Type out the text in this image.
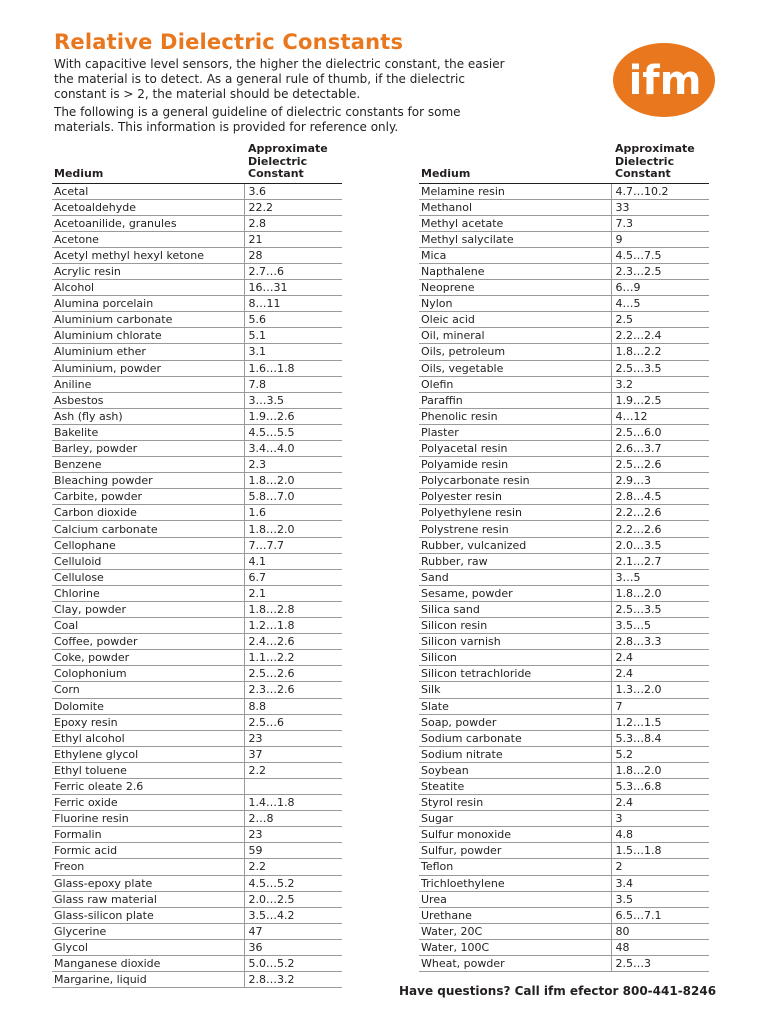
Relative Dielectric Constants

With capacitive level sensors, the higher the dielectric constant, the easier the material is to detect. As a general rule of thumb, if the dielectric constant is > 2, the material should be detectable.

The following is a general guideline of dielectric constants for some materials. This information is provided for reference only.

ifm
Medium	Approximate
Dielectric
Constant

Acetal	3.6
Acetoaldehyde	22.2
Acetoanilide, granules	2.8
Acetone	21
Acetyl methyl hexyl ketone	28
Acrylic resin	2.7…6
Alcohol	16…31
Alumina porcelain	8…11
Aluminium carbonate	5.6
Aluminium chlorate	5.1
Aluminium ether	3.1
Aluminium, powder	1.6…1.8
Aniline	7.8
Asbestos	3…3.5
Ash (fly ash)	1.9…2.6
Bakelite	4.5…5.5
Barley, powder	3.4…4.0
Benzene	2.3
Bleaching powder	1.8…2.0
Carbite, powder	5.8…7.0
Carbon dioxide	1.6
Calcium carbonate	1.8…2.0
Cellophane	7…7.7
Celluloid	4.1
Cellulose	6.7
Chlorine	2.1
Clay, powder	1.8…2.8
Coal	1.2…1.8
Coffee, powder	2.4…2.6
Coke, powder	1.1…2.2
Colophonium	2.5…2.6
Corn	2.3…2.6
Dolomite	8.8
Epoxy resin	2.5…6
Ethyl alcohol	23
Ethylene glycol	37
Ethyl toluene	2.2
Ferric oleate 2.6	
Ferric oxide	1.4…1.8
Fluorine resin	2…8
Formalin	23
Formic acid	59
Freon	2.2
Glass-epoxy plate	4.5…5.2
Glass raw material	2.0…2.5
Glass-silicon plate	3.5…4.2
Glycerine	47
Glycol	36
Manganese dioxide	5.0…5.2
Margarine, liquid	2.8…3.2
Medium	Approximate
Dielectric
Constant

Melamine resin	4.7…10.2
Methanol	33
Methyl acetate	7.3
Methyl salycilate	9
Mica	4.5…7.5
Napthalene	2.3…2.5
Neoprene	6…9
Nylon	4…5
Oleic acid	2.5
Oil, mineral	2.2…2.4
Oils, petroleum	1.8…2.2
Oils, vegetable	2.5…3.5
Olefin	3.2
Paraffin	1.9…2.5
Phenolic resin	4…12
Plaster	2.5…6.0
Polyacetal resin	2.6…3.7
Polyamide resin	2.5…2.6
Polycarbonate resin	2.9…3
Polyester resin	2.8…4.5
Polyethylene resin	2.2…2.6
Polystrene resin	2.2…2.6
Rubber, vulcanized	2.0…3.5
Rubber, raw	2.1…2.7
Sand	3…5
Sesame, powder	1.8…2.0
Silica sand	2.5…3.5
Silicon resin	3.5…5
Silicon varnish	2.8…3.3
Silicon	2.4
Silicon tetrachloride	2.4
Silk	1.3…2.0
Slate	7
Soap, powder	1.2…1.5
Sodium carbonate	5.3…8.4
Sodium nitrate	5.2
Soybean	1.8…2.0
Steatite	5.3…6.8
Styrol resin	2.4
Sugar	3
Sulfur monoxide	4.8
Sulfur, powder	1.5…1.8
Teflon	2
Trichloethylene	3.4
Urea	3.5
Urethane	6.5…7.1
Water, 20C	80
Water, 100C	48
Wheat, powder	2.5…3
Have questions? Call ifm efector 800-441-8246
